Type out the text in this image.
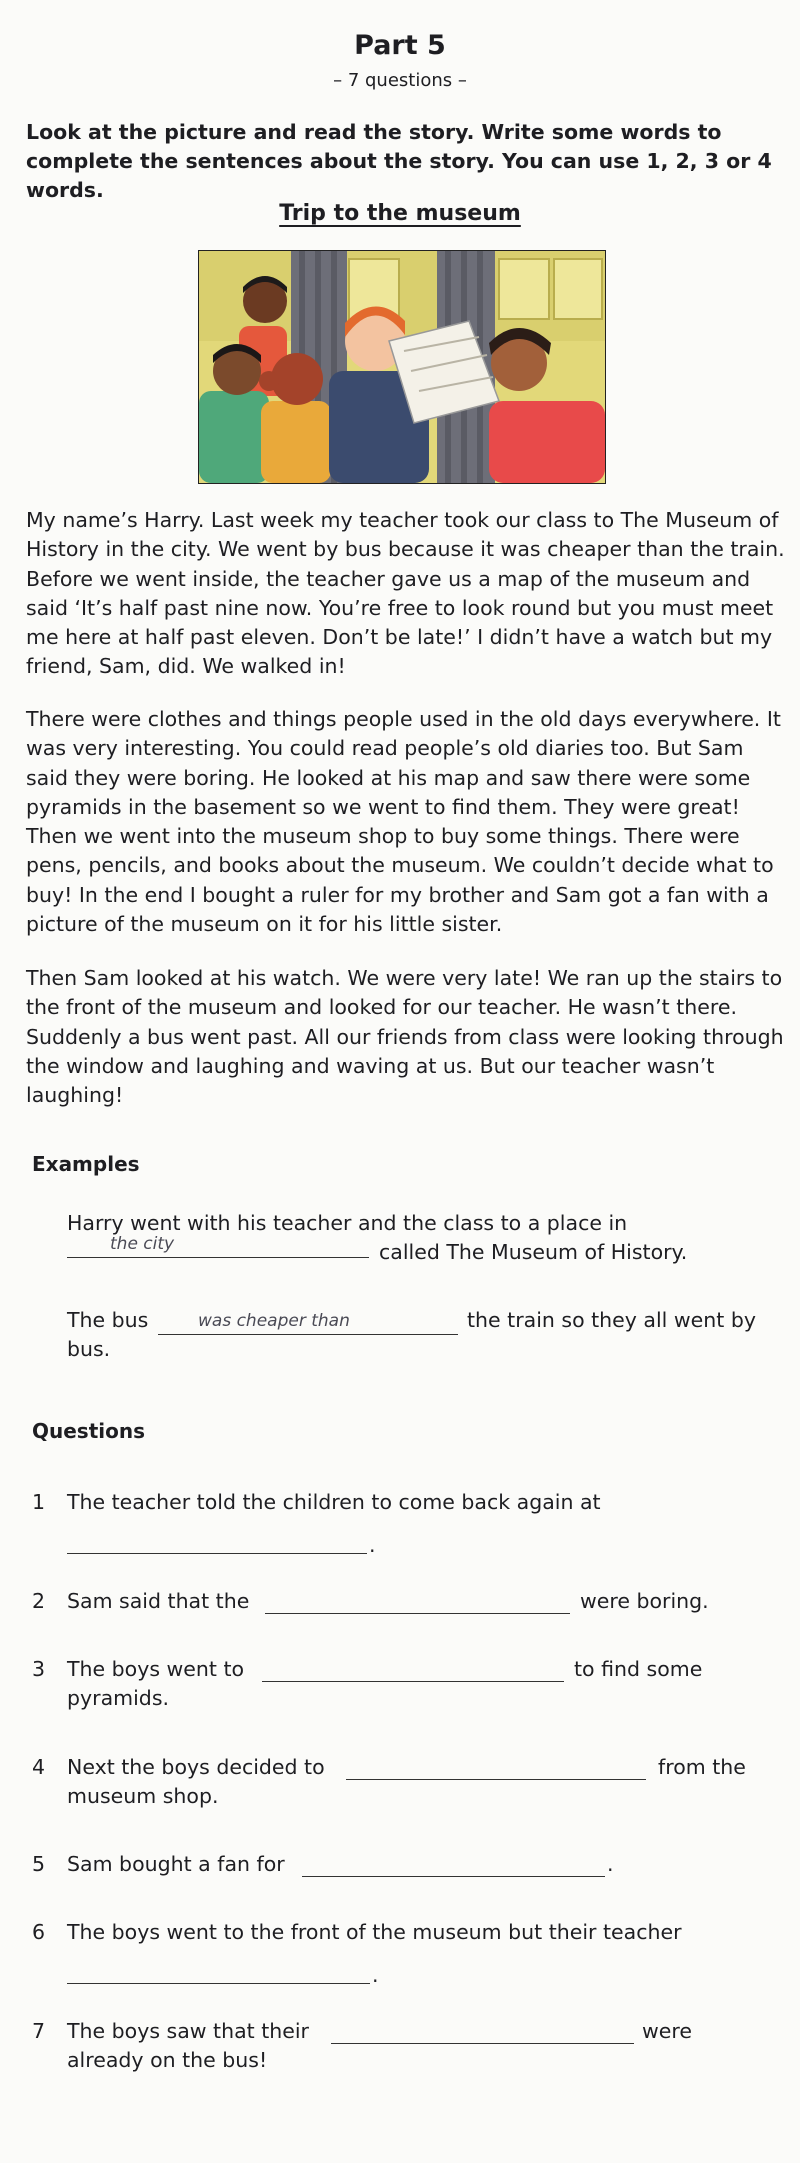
Part 5
– 7 questions –
Look at the picture and read the story. Write some words to complete the sentences about the story. You can use 1, 2, 3 or 4 words.
Trip to the museum
My name’s Harry. Last week my teacher took our class to The Museum of History in the city. We went by bus because it was cheaper than the train. Before we went inside, the teacher gave us a map of the museum and said ‘It’s half past nine now. You’re free to look round but you must meet me here at half past eleven. Don’t be late!’ I didn’t have a watch but my friend, Sam, did. We walked in!
There were clothes and things people used in the old days everywhere. It was very interesting. You could read people’s old diaries too. But Sam said they were boring. He looked at his map and saw there were some pyramids in the basement so we went to find them. They were great! Then we went into the museum shop to buy some things. There were pens, pencils, and books about the museum. We couldn’t decide what to buy! In the end I bought a ruler for my brother and Sam got a fan with a picture of the museum on it for his little sister.
Then Sam looked at his watch. We were very late! We ran up the stairs to the front of the museum and looked for our teacher. He wasn’t there. Suddenly a bus went past. All our friends from class were looking through the window and laughing and waving at us. But our teacher wasn’t laughing!
Examples
Harry went with his teacher and the class to a place in
the city	called The Museum of History.
The bus	was cheaper than	the train so they all went by
bus.
Questions
1 The teacher told the children to come back again at
.
2 Sam said that the	were boring.
3 The boys went to	to find some
pyramids.
4 Next the boys decided to	from the
museum shop.
5 Sam bought a fan for	.
6 The boys went to the front of the museum but their teacher
.
7 The boys saw that their	were
already on the bus!
